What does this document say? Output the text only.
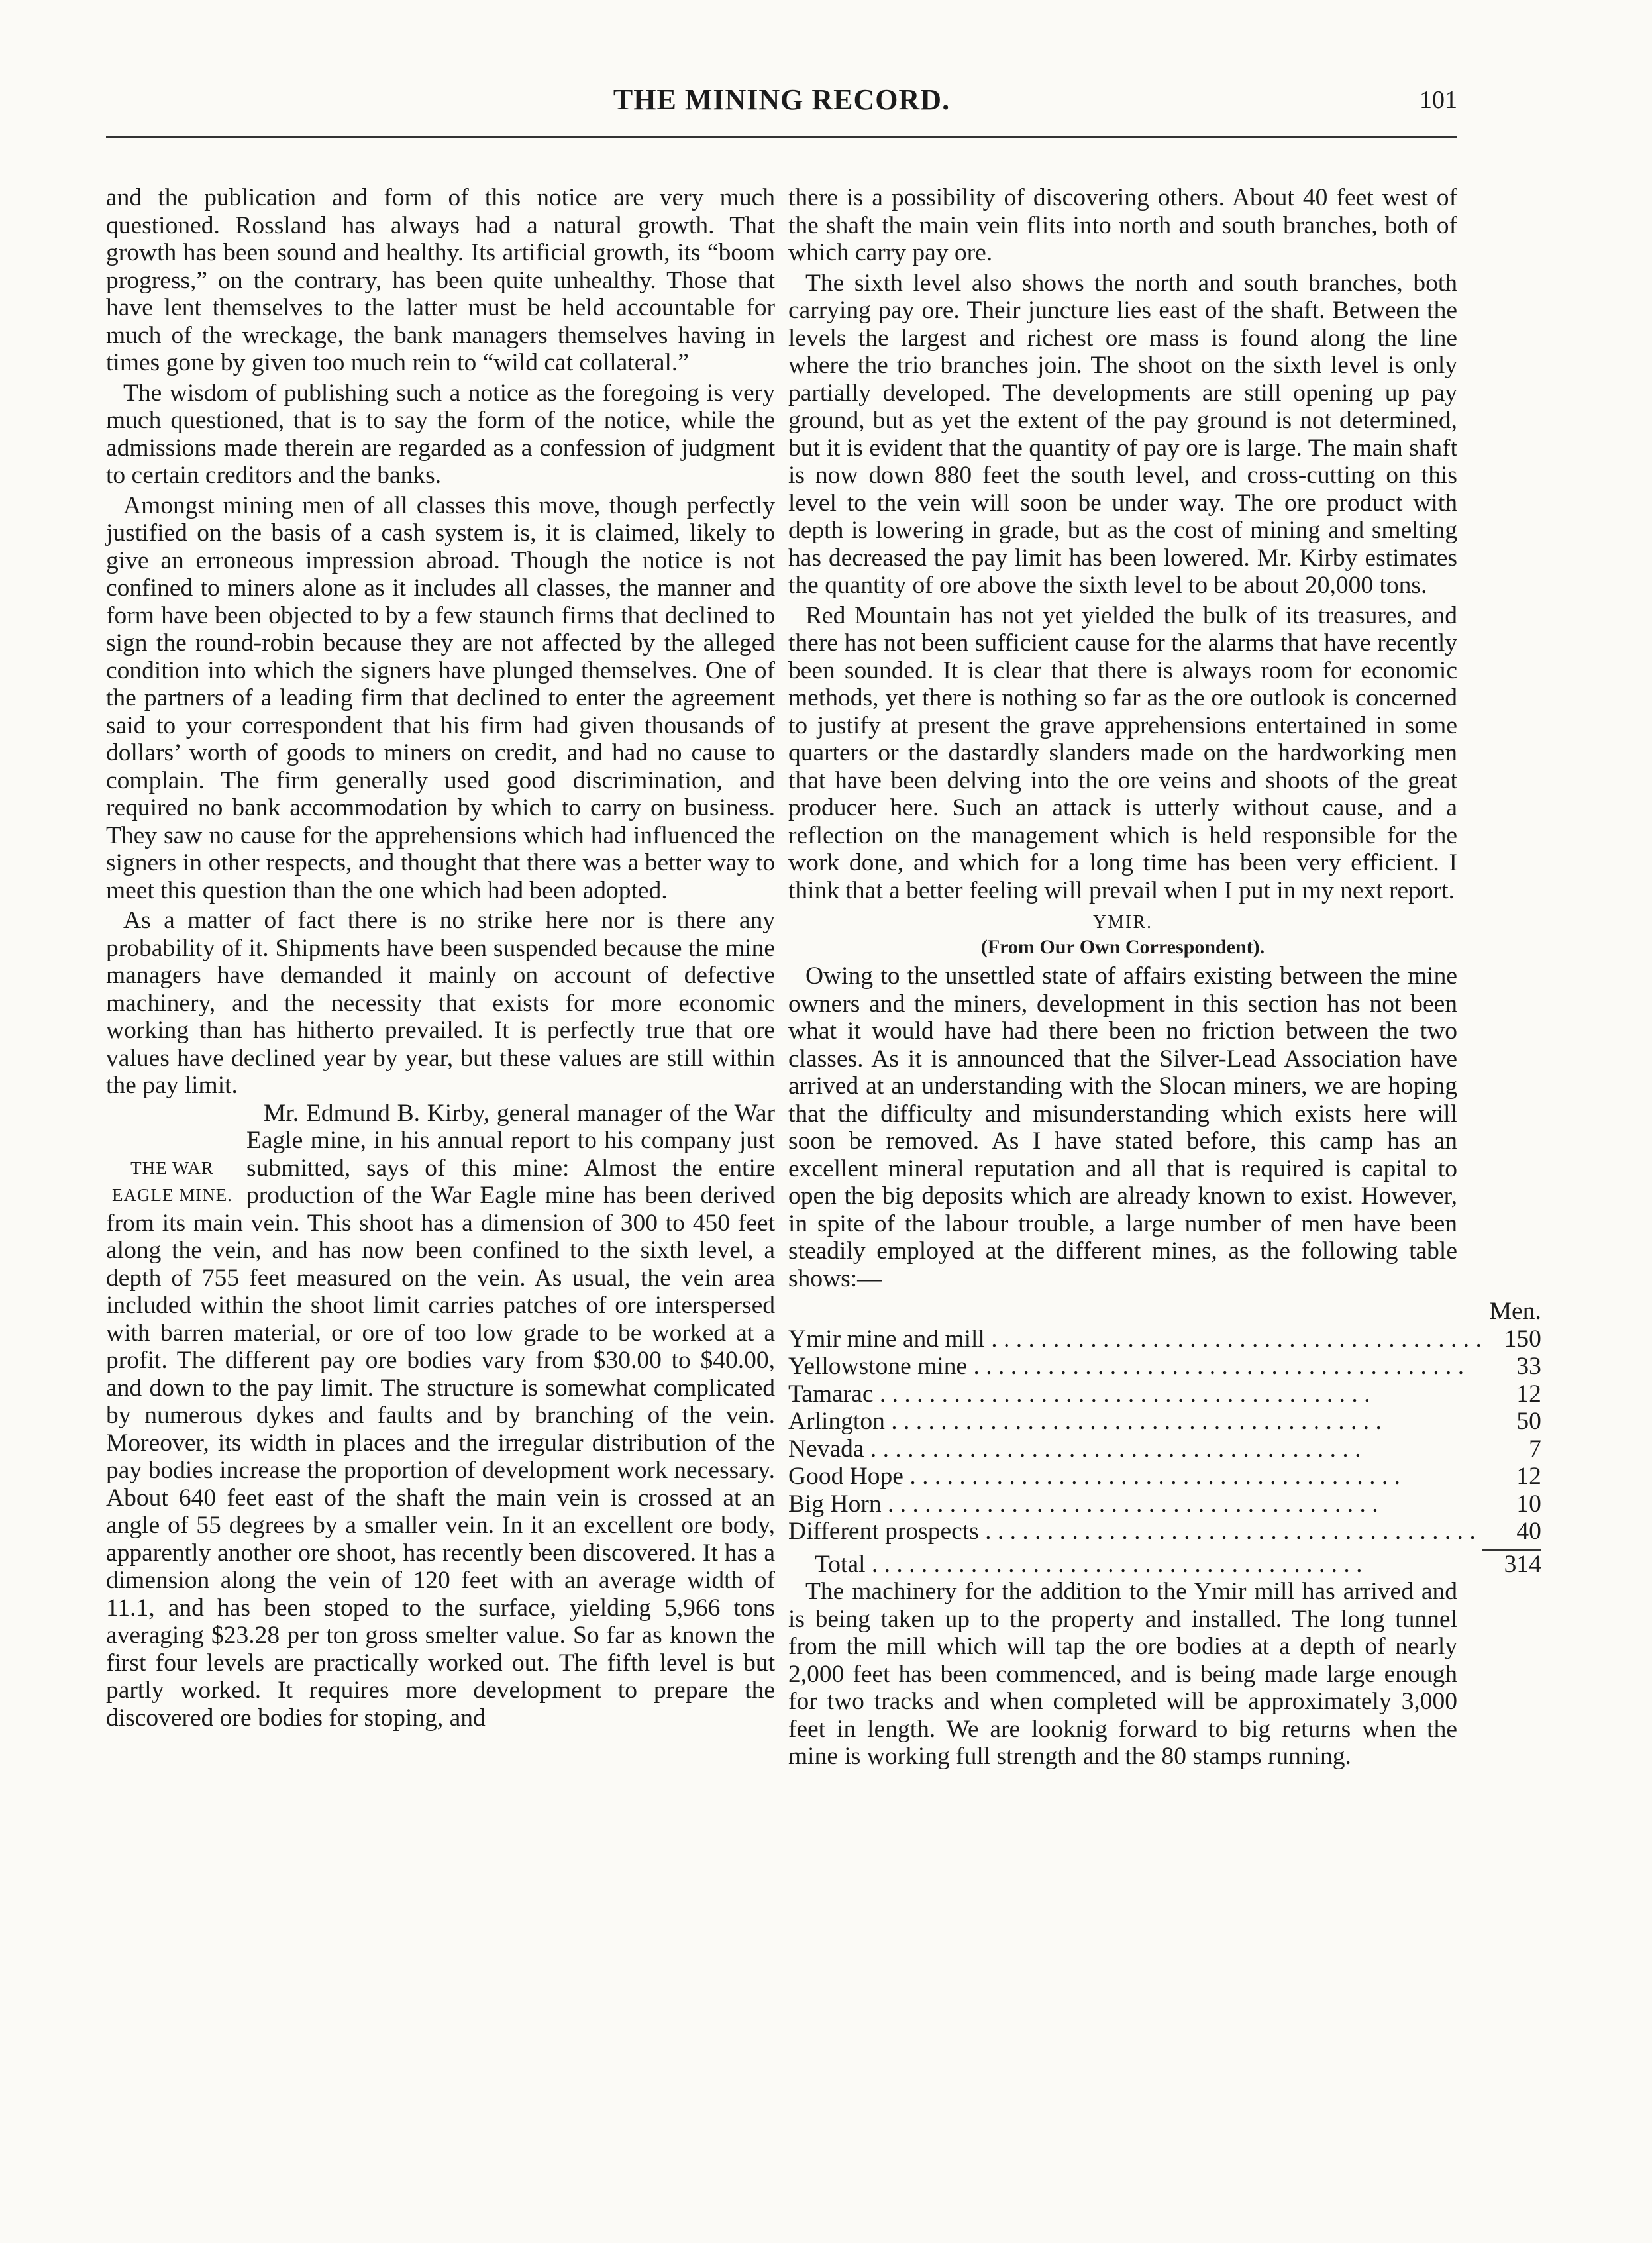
THE MINING RECORD.	101

and the publication and form of this notice are very much questioned. Rossland has always had a natural growth. That growth has been sound and healthy. Its artificial growth, its “boom progress,” on the contrary, has been quite unhealthy. Those that have lent themselves to the latter must be held accountable for much of the wreckage, the bank managers themselves having in times gone by given too much rein to “wild cat collateral.”

The wisdom of publishing such a notice as the foregoing is very much questioned, that is to say the form of the notice, while the admissions made therein are regarded as a confession of judgment to certain creditors and the banks.

Amongst mining men of all classes this move, though perfectly justified on the basis of a cash system is, it is claimed, likely to give an erroneous impression abroad. Though the notice is not confined to miners alone as it includes all classes, the manner and form have been objected to by a few staunch firms that declined to sign the round-robin because they are not affected by the alleged condition into which the signers have plunged themselves. One of the partners of a leading firm that declined to enter the agreement said to your correspondent that his firm had given thousands of dollars’ worth of goods to miners on credit, and had no cause to complain. The firm generally used good discrimination, and required no bank accommodation by which to carry on business. They saw no cause for the apprehensions which had influenced the signers in other respects, and thought that there was a better way to meet this question than the one which had been adopted.

As a matter of fact there is no strike here nor is there any probability of it. Shipments have been suspended because the mine managers have demanded it mainly on account of defective machinery, and the necessity that exists for more economic working than has hitherto prevailed. It is perfectly true that ore values have declined year by year, but these values are still within the pay limit.

THE WAR EAGLE MINE.

Mr. Edmund B. Kirby, general manager of the War Eagle mine, in his annual report to his company just submitted, says of this mine: Almost the entire production of the War Eagle mine has been derived from its main vein. This shoot has a dimension of 300 to 450 feet along the vein, and has now been confined to the sixth level, a depth of 755 feet measured on the vein. As usual, the vein area included within the shoot limit carries patches of ore interspersed with barren material, or ore of too low grade to be worked at a profit. The different pay ore bodies vary from $30.00 to $40.00, and down to the pay limit. The structure is somewhat complicated by numerous dykes and faults and by branching of the vein. Moreover, its width in places and the irregular distribution of the pay bodies increase the proportion of development work necessary. About 640 feet east of the shaft the main vein is crossed at an angle of 55 degrees by a smaller vein. In it an excellent ore body, apparently another ore shoot, has recently been discovered. It has a dimension along the vein of 120 feet with an average width of 11.1, and has been stoped to the surface, yielding 5,966 tons averaging $23.28 per ton gross smelter value. So far as known the first four levels are practically worked out. The fifth level is but partly worked. It requires more development to prepare the discovered ore bodies for stoping, and

there is a possibility of discovering others. About 40 feet west of the shaft the main vein flits into north and south branches, both of which carry pay ore.

The sixth level also shows the north and south branches, both carrying pay ore. Their juncture lies east of the shaft. Between the levels the largest and richest ore mass is found along the line where the trio branches join. The shoot on the sixth level is only partially developed. The developments are still opening up pay ground, but as yet the extent of the pay ground is not determined, but it is evident that the quantity of pay ore is large. The main shaft is now down 880 feet the south level, and cross-cutting on this level to the vein will soon be under way. The ore product with depth is lowering in grade, but as the cost of mining and smelting has decreased the pay limit has been lowered. Mr. Kirby estimates the quantity of ore above the sixth level to be about 20,000 tons.

Red Mountain has not yet yielded the bulk of its treasures, and there has not been sufficient cause for the alarms that have recently been sounded. It is clear that there is always room for economic methods, yet there is nothing so far as the ore outlook is concerned to justify at present the grave apprehensions entertained in some quarters or the dastardly slanders made on the hardworking men that have been delving into the ore veins and shoots of the great producer here. Such an attack is utterly without cause, and a reflection on the management which is held responsible for the work done, and which for a long time has been very efficient. I think that a better feeling will prevail when I put in my next report.

YMIR.
(From Our Own Correspondent).

Owing to the unsettled state of affairs existing between the mine owners and the miners, development in this section has not been what it would have had there been no friction between the two classes. As it is announced that the Silver-Lead Association have arrived at an understanding with the Slocan miners, we are hoping that the difficulty and misunderstanding which exists here will soon be removed. As I have stated before, this camp has an excellent mineral reputation and all that is required is capital to open the big deposits which are already known to exist. However, in spite of the labour trouble, a large number of men have been steadily employed at the different mines, as the following table shows:—

	Men.
Ymir mine and mill . . .	150
Yellowstone mine . . .	33
Tamarac . . .	12
Arlington . . .	50
Nevada . . .	7
Good Hope . . .	12
Big Horn . . .	10
Different prospects . . .	40

Total . . .	314

The machinery for the addition to the Ymir mill has arrived and is being taken up to the property and installed. The long tunnel from the mill which will tap the ore bodies at a depth of nearly 2,000 feet has been commenced, and is being made large enough for two tracks and when completed will be approximately 3,000 feet in length. We are looknig forward to big returns when the mine is working full strength and the 80 stamps running.
